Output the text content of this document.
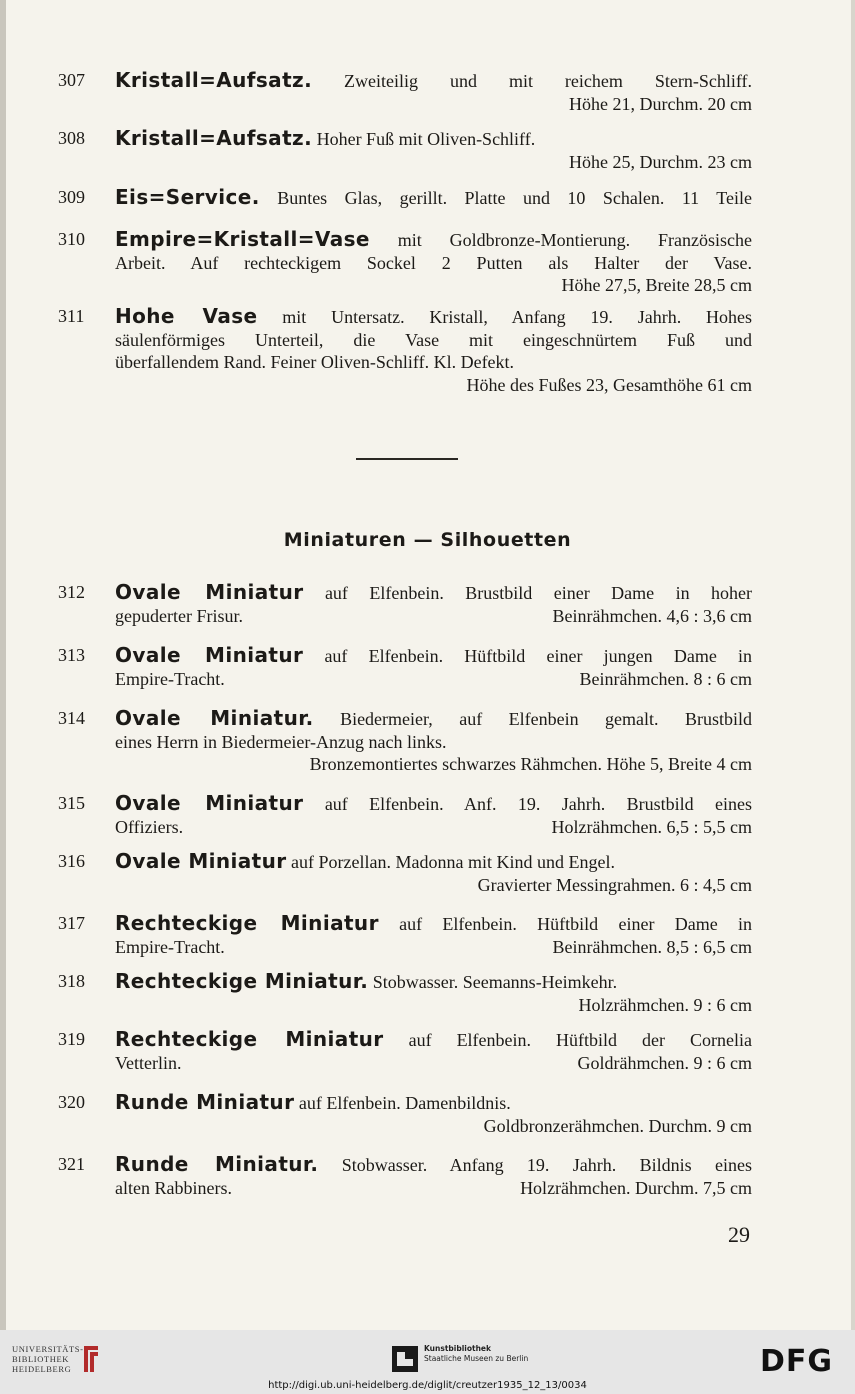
307	Kristall=Aufsatz. Zweiteilig und mit reichem Stern-Schliff.
Höhe 21, Durchm. 20 cm
308	Kristall=Aufsatz. Hoher Fuß mit Oliven-Schliff.
Höhe 25, Durchm. 23 cm
309	Eis=Service. Buntes Glas, gerillt. Platte und 10 Schalen. 11 Teile
310	Empire=Kristall=Vase mit Goldbronze-Montierung. Französische
Arbeit. Auf rechteckigem Sockel 2 Putten als Halter der Vase.
Höhe 27,5, Breite 28,5 cm
311	Hohe Vase mit Untersatz. Kristall, Anfang 19. Jahrh. Hohes
säulenförmiges Unterteil, die Vase mit eingeschnürtem Fuß und
überfallendem Rand. Feiner Oliven-Schliff. Kl. Defekt.
Höhe des Fußes 23, Gesamthöhe 61 cm
Miniaturen — Silhouetten
312	Ovale Miniatur auf Elfenbein. Brustbild einer Dame in hoher
gepuderter Frisur.	Beinrähmchen. 4,6 : 3,6 cm
313	Ovale Miniatur auf Elfenbein. Hüftbild einer jungen Dame in
Empire-Tracht.	Beinrähmchen. 8 : 6 cm
314	Ovale Miniatur. Biedermeier, auf Elfenbein gemalt. Brustbild
eines Herrn in Biedermeier-Anzug nach links.
Bronzemontiertes schwarzes Rähmchen. Höhe 5, Breite 4 cm
315	Ovale Miniatur auf Elfenbein. Anf. 19. Jahrh. Brustbild eines
Offiziers.	Holzrähmchen. 6,5 : 5,5 cm
316	Ovale Miniatur auf Porzellan. Madonna mit Kind und Engel.
Gravierter Messingrahmen. 6 : 4,5 cm
317	Rechteckige Miniatur auf Elfenbein. Hüftbild einer Dame in
Empire-Tracht.	Beinrähmchen. 8,5 : 6,5 cm
318	Rechteckige Miniatur. Stobwasser. Seemanns-Heimkehr.
Holzrähmchen. 9 : 6 cm
319	Rechteckige Miniatur auf Elfenbein. Hüftbild der Cornelia
Vetterlin.	Goldrähmchen. 9 : 6 cm
320	Runde Miniatur auf Elfenbein. Damenbildnis.
Goldbronzerähmchen. Durchm. 9 cm
321	Runde Miniatur. Stobwasser. Anfang 19. Jahrh. Bildnis eines
alten Rabbiners.	Holzrähmchen. Durchm. 7,5 cm
29
UNIVERSITÄTS-
BIBLIOTHEK
HEIDELBERG
Kunstbibliothek
Staatliche Museen zu Berlin	DFG
http://digi.ub.uni-heidelberg.de/diglit/creutzer1935_12_13/0034
